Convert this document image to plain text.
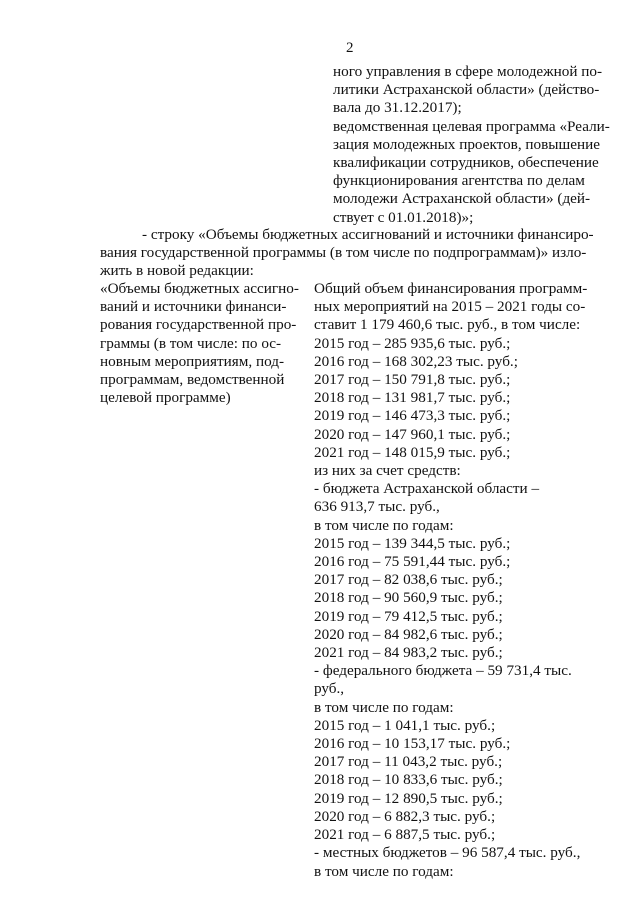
2
ного управления в сфере молодежной по-
литики Астраханской области» (действо-
вала до 31.12.2017);
ведомственная целевая программа «Реали-
зация молодежных проектов, повышение
квалификации сотрудников, обеспечение
функционирования агентства по делам
молодежи Астраханской области» (дей-
ствует с 01.01.2018)»;
- строку «Объемы бюджетных ассигнований и источники финансиро-
вания государственной программы (в том числе по подпрограммам)» изло-
жить в новой редакции:
«Объемы бюджетных ассигно-
ваний и источники финанси-
рования государственной про-
граммы (в том числе: по ос-
новным мероприятиям, под-
программам, ведомственной
целевой программе)
Общий объем финансирования программ-
ных мероприятий на 2015 – 2021 годы со-
ставит 1 179 460,6 тыс. руб., в том числе:
2015 год – 285 935,6 тыс. руб.;
2016 год – 168 302,23 тыс. руб.;
2017 год – 150 791,8 тыс. руб.;
2018 год – 131 981,7 тыс. руб.;
2019 год – 146 473,3 тыс. руб.;
2020 год – 147 960,1 тыс. руб.;
2021 год – 148 015,9 тыс. руб.;
из них за счет средств:
- бюджета Астраханской области –
636 913,7 тыс. руб.,
в том числе по годам:
2015 год – 139 344,5 тыс. руб.;
2016 год – 75 591,44 тыс. руб.;
2017 год – 82 038,6 тыс. руб.;
2018 год – 90 560,9 тыс. руб.;
2019 год – 79 412,5 тыс. руб.;
2020 год – 84 982,6 тыс. руб.;
2021 год – 84 983,2 тыс. руб.;
- федерального бюджета – 59 731,4 тыс.
руб.,
в том числе по годам:
2015 год – 1 041,1 тыс. руб.;
2016 год – 10 153,17 тыс. руб.;
2017 год – 11 043,2 тыс. руб.;
2018 год – 10 833,6 тыс. руб.;
2019 год – 12 890,5 тыс. руб.;
2020 год – 6 882,3 тыс. руб.;
2021 год – 6 887,5 тыс. руб.;
- местных бюджетов – 96 587,4 тыс. руб.,
в том числе по годам:
